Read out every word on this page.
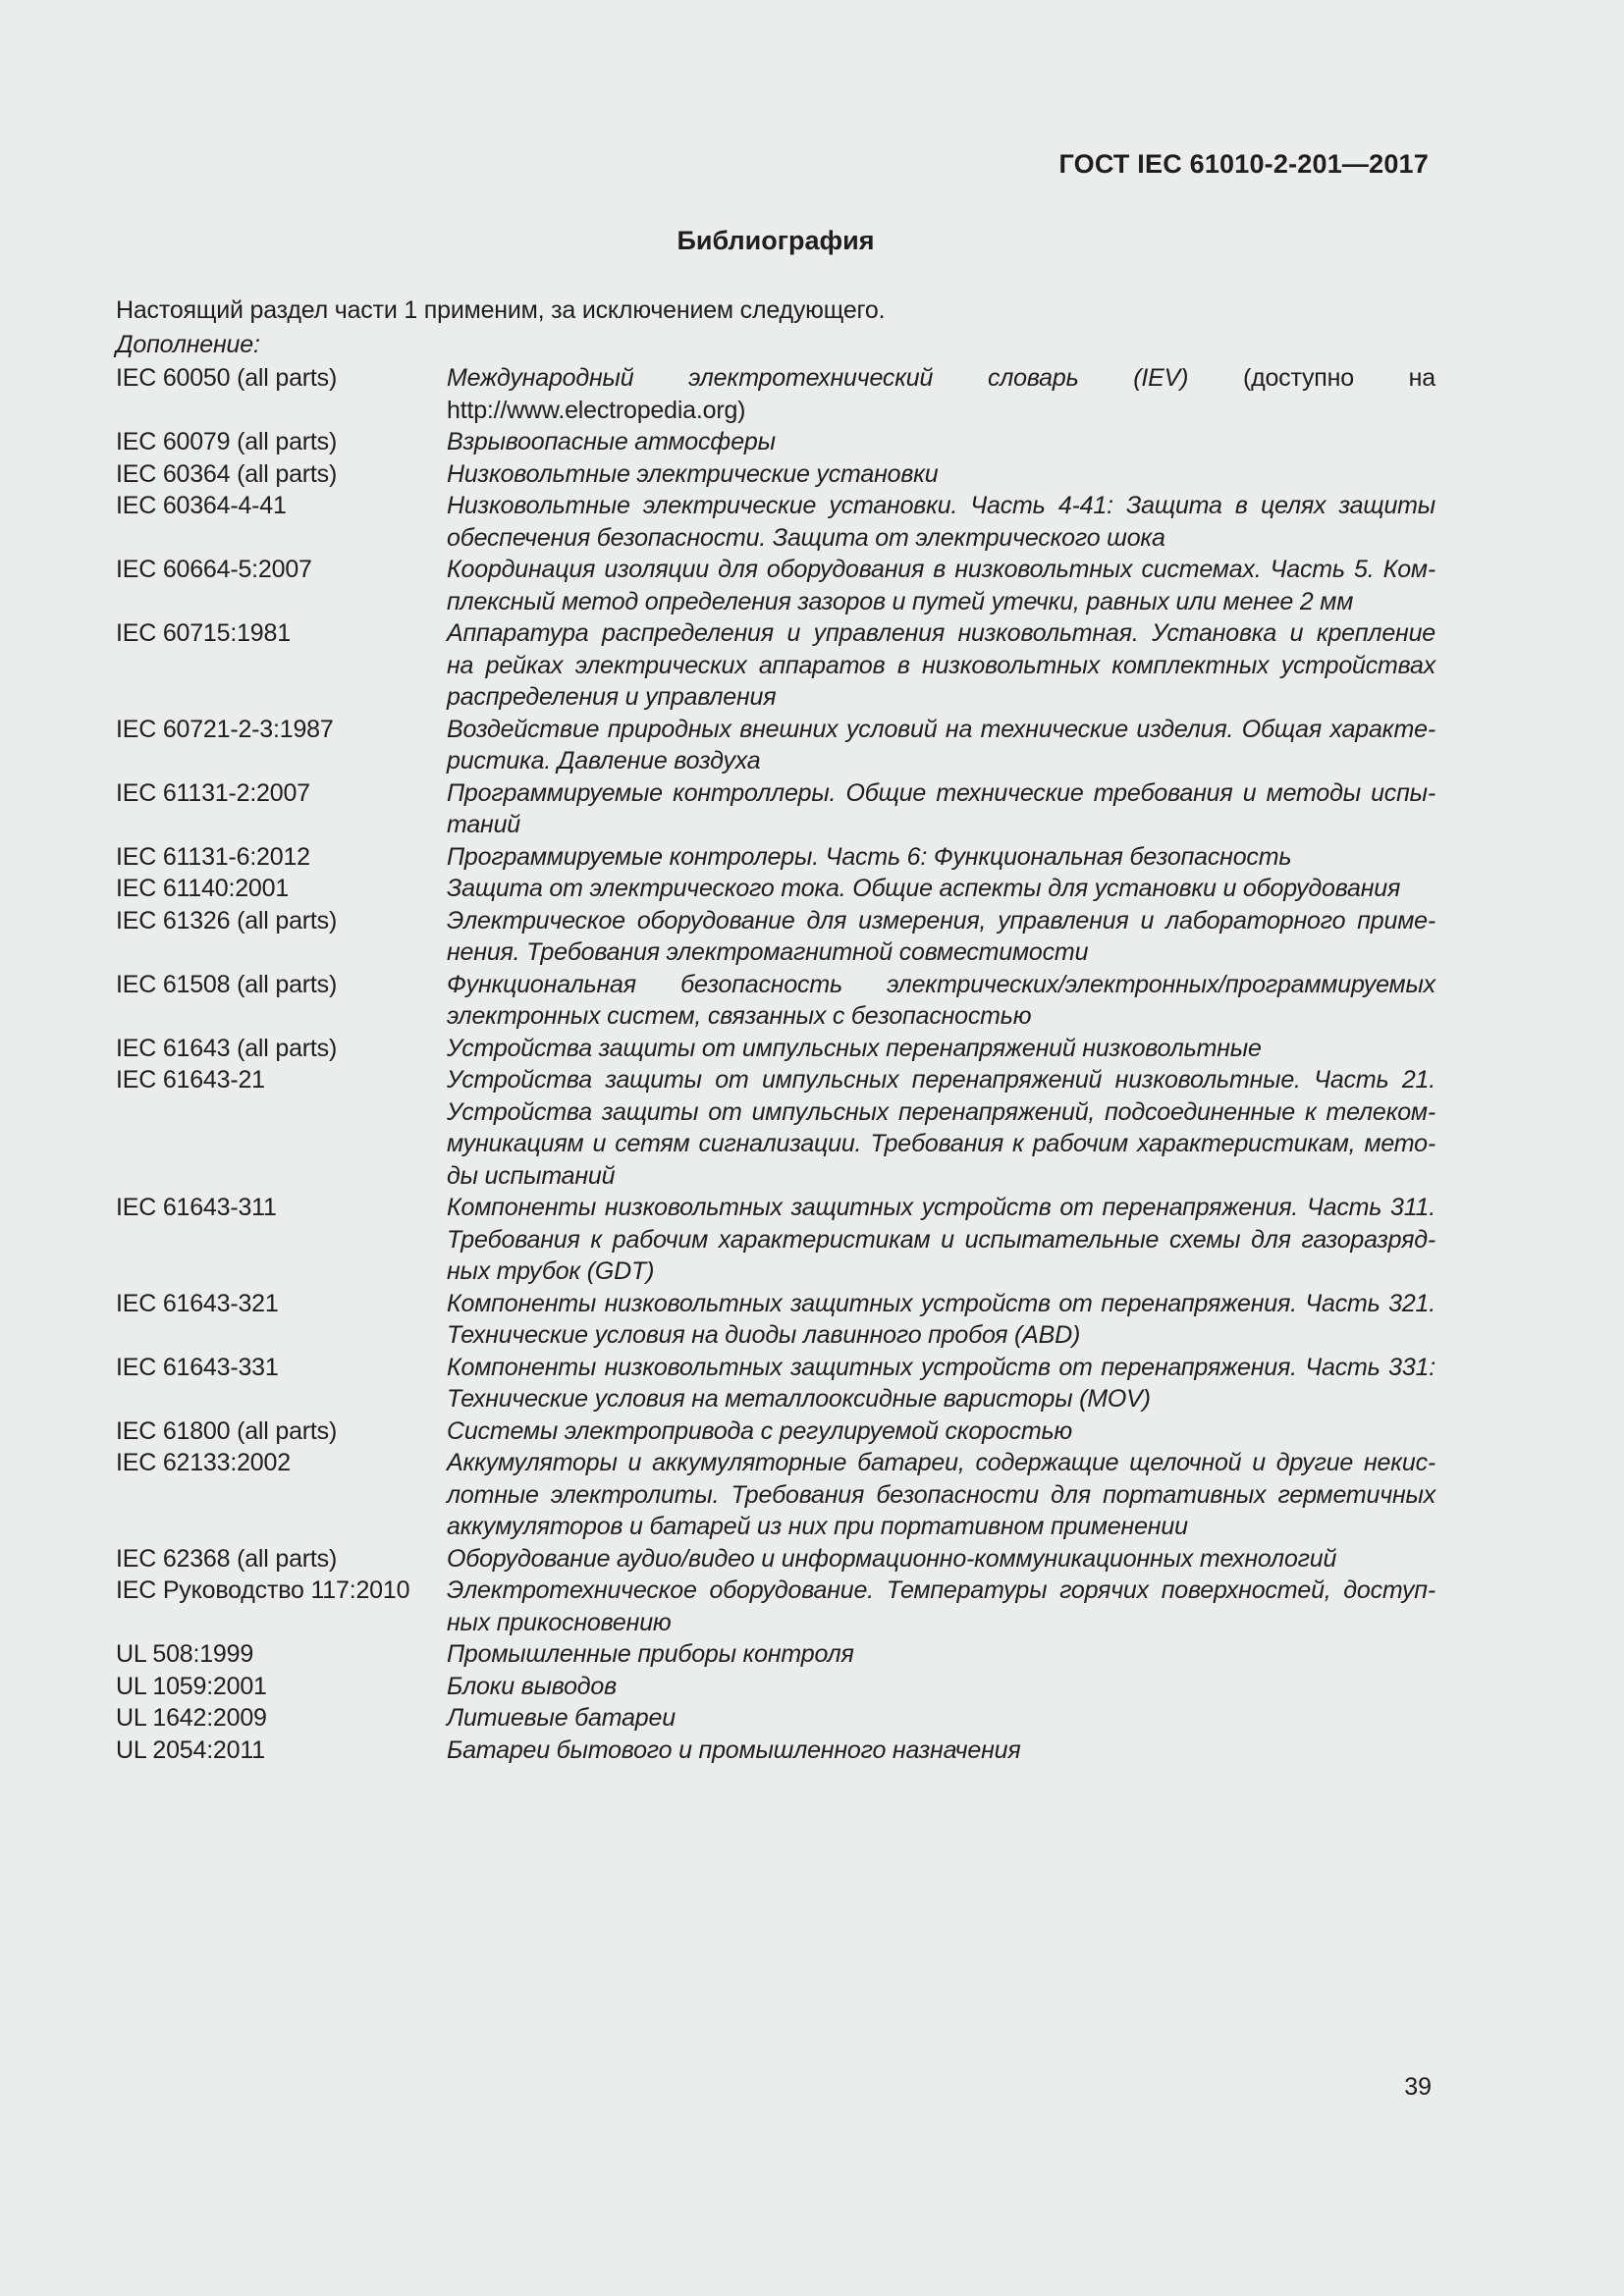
ГОСТ IEC 61010-2-201—2017
Библиография

Настоящий раздел части 1 применим, за исключением следующего.

Дополнение:

IEC 60050 (all parts)	Международный электротехнический словарь (IEV) (доступно на
http://www.electropedia.org)
IEC 60079 (all parts)	Взрывоопасные атмосферы
IEC 60364 (all parts)	Низковольтные электрические установки
IEC 60364-4-41	Низковольтные электрические установки. Часть 4-41: Защита в целях защиты
обеспечения безопасности. Защита от электрического шока
IEC 60664-5:2007	Координация изоляции для оборудования в низковольтных системах. Часть 5. Ком-
плексный метод определения зазоров и путей утечки, равных или менее 2 мм
IEC 60715:1981	Аппаратура распределения и управления низковольтная. Установка и крепление
на рейках электрических аппаратов в низковольтных комплектных устройствах
распределения и управления
IEC 60721-2-3:1987	Воздействие природных внешних условий на технические изделия. Общая характе-
ристика. Давление воздуха
IEC 61131-2:2007	Программируемые контроллеры. Общие технические требования и методы испы-
таний
IEC 61131-6:2012	Программируемые контролеры. Часть 6: Функциональная безопасность
IEC 61140:2001	Защита от электрического тока. Общие аспекты для установки и оборудования
IEC 61326 (all parts)	Электрическое оборудование для измерения, управления и лабораторного приме-
нения. Требования электромагнитной совместимости
IEC 61508 (all parts)	Функциональная безопасность электрических/электронных/программируемых
электронных систем, связанных с безопасностью
IEC 61643 (all parts)	Устройства защиты от импульсных перенапряжений низковольтные
IEC 61643-21	Устройства защиты от импульсных перенапряжений низковольтные. Часть 21.
Устройства защиты от импульсных перенапряжений, подсоединенные к телеком-
муникациям и сетям сигнализации. Требования к рабочим характеристикам, мето-
ды испытаний
IEC 61643-311	Компоненты низковольтных защитных устройств от перенапряжения. Часть 311.
Требования к рабочим характеристикам и испытательные схемы для газоразряд-
ных трубок (GDT)
IEC 61643-321	Компоненты низковольтных защитных устройств от перенапряжения. Часть 321.
Технические условия на диоды лавинного пробоя (ABD)
IEC 61643-331	Компоненты низковольтных защитных устройств от перенапряжения. Часть 331:
Технические условия на металлооксидные варисторы (MOV)
IEC 61800 (all parts)	Системы электропривода с регулируемой скоростью
IEC 62133:2002	Аккумуляторы и аккумуляторные батареи, содержащие щелочной и другие некис-
лотные электролиты. Требования безопасности для портативных герметичных
аккумуляторов и батарей из них при портативном применении
IEC 62368 (all parts)	Оборудование аудио/видео и информационно-коммуникационных технологий
IEC Руководство 117:2010	Электротехническое оборудование. Температуры горячих поверхностей, доступ-
ных прикосновению
UL 508:1999	Промышленные приборы контроля
UL 1059:2001	Блоки выводов
UL 1642:2009	Литиевые батареи
UL 2054:2011	Батареи бытового и промышленного назначения
39
